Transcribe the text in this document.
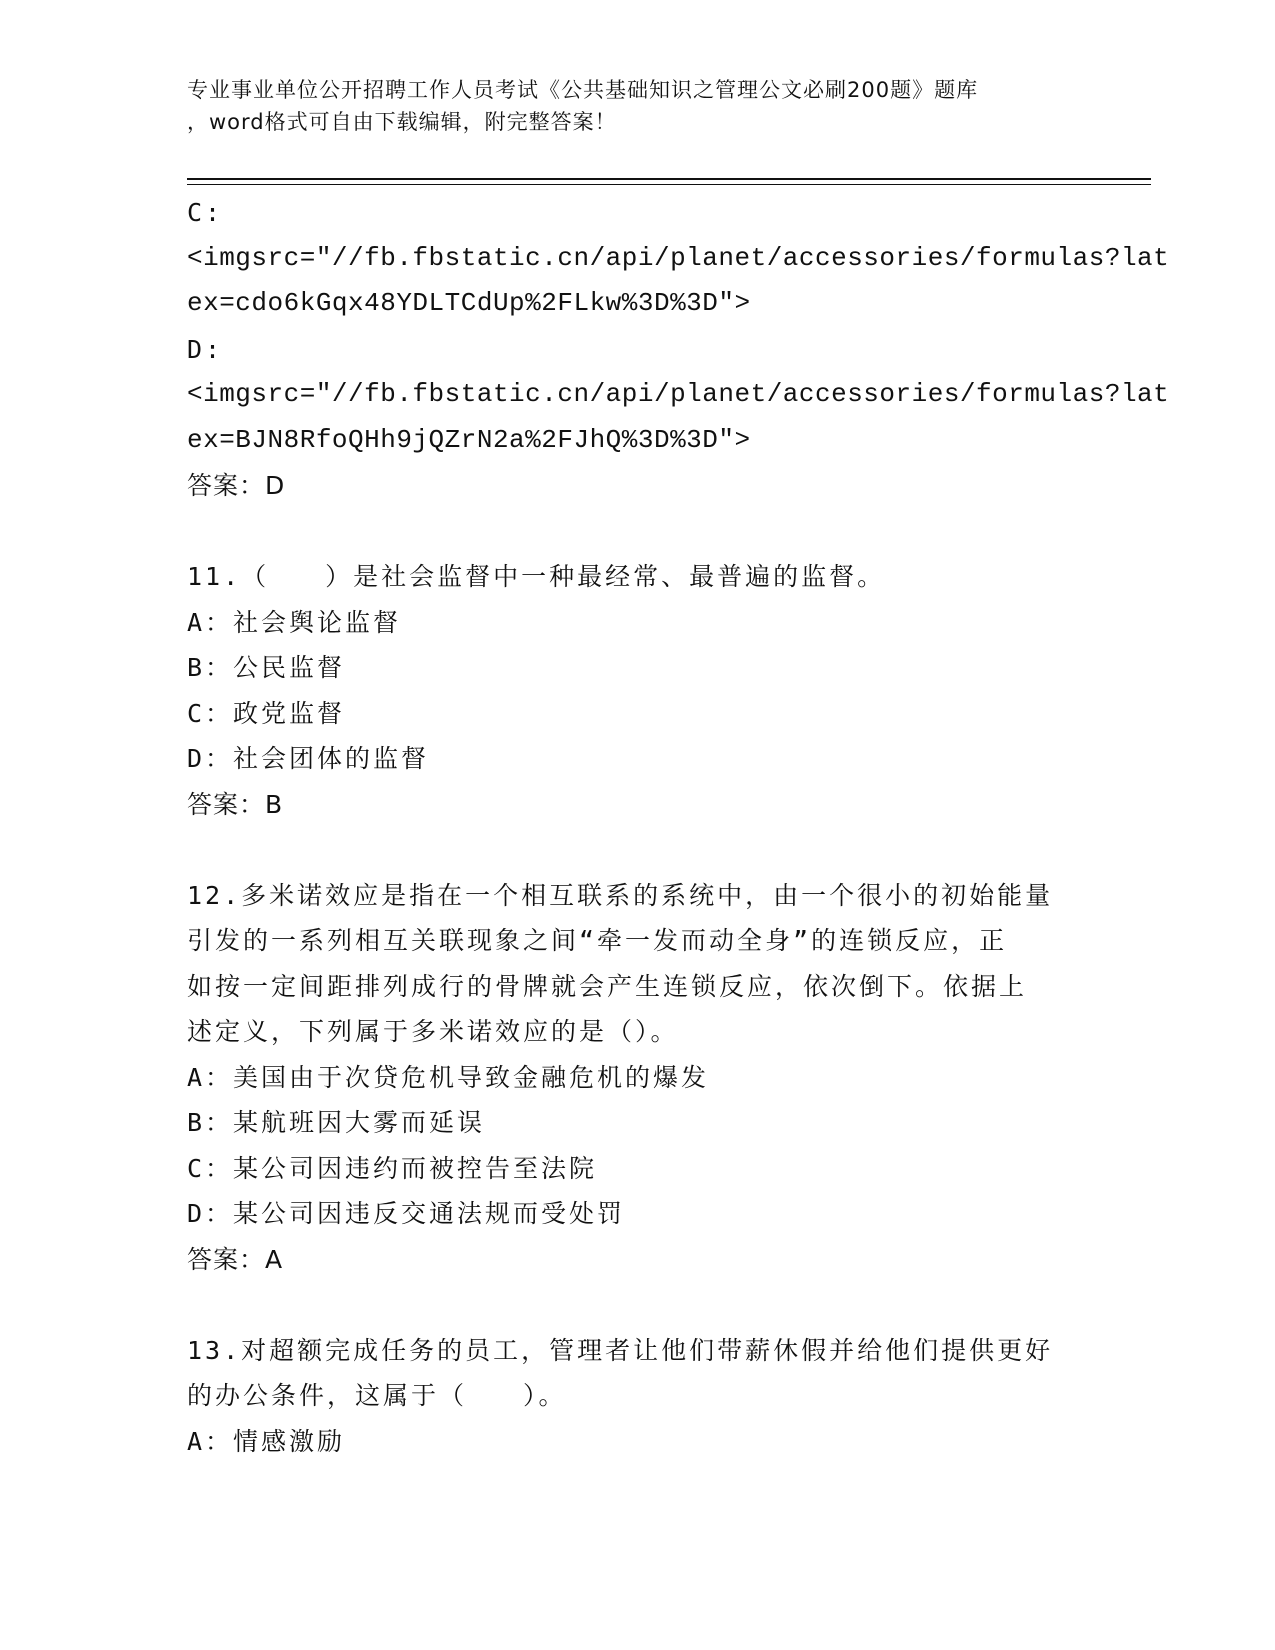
专业事业单位公开招聘工作人员考试《公共基础知识之管理公文必刷200题》题库
，word格式可自由下载编辑，附完整答案！
C:
<imgsrc="//fb.fbstatic.cn/api/planet/accessories/formulas?lat
ex=cdo6kGqx48YDLTCdUp%2FLkw%3D%3D">
D:
<imgsrc="//fb.fbstatic.cn/api/planet/accessories/formulas?lat
ex=BJN8RfoQHh9jQZrN2a%2FJhQ%3D%3D">
答案：D
11.（　　）是社会监督中一种最经常、最普遍的监督。
A：社会舆论监督
B：公民监督
C：政党监督
D：社会团体的监督
答案：B
12.多米诺效应是指在一个相互联系的系统中，由一个很小的初始能量
引发的一系列相互关联现象之间“牵一发而动全身”的连锁反应，正
如按一定间距排列成行的骨牌就会产生连锁反应，依次倒下。依据上
述定义，下列属于多米诺效应的是（）。
A：美国由于次贷危机导致金融危机的爆发
B：某航班因大雾而延误
C：某公司因违约而被控告至法院
D：某公司因违反交通法规而受处罚
答案：A
13.对超额完成任务的员工，管理者让他们带薪休假并给他们提供更好
的办公条件，这属于（　　）。
A：情感激励
